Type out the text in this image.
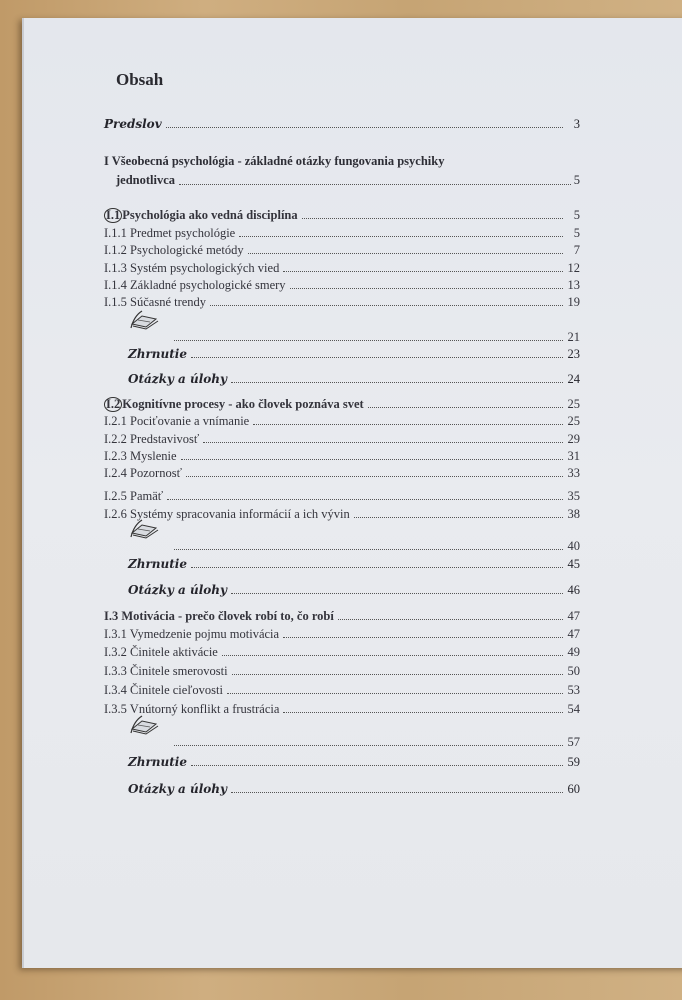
Obsah
Predslov	3
I Všeobecná psychológia - základné otázky fungovania psychiky
jednotlivca	5
I.1 Psychológia ako vedná disciplína	5
I.1.1 Predmet psychológie	5
I.1.2 Psychologické metódy	7
I.1.3 Systém psychologických vied	12
I.1.4 Základné psychologické smery	13
I.1.5 Súčasné trendy	19
21
Zhrnutie	23
Otázky a úlohy	24
I.2 Kognitívne procesy - ako človek poznáva svet	25
I.2.1 Pociťovanie a vnímanie	25
I.2.2 Predstavivosť	29
I.2.3 Myslenie	31
I.2.4 Pozornosť	33
I.2.5 Pamäť	35
I.2.6 Systémy spracovania informácií a ich vývin	38
40
Zhrnutie	45
Otázky a úlohy	46
I.3 Motivácia - prečo človek robí to, čo robí	47
I.3.1 Vymedzenie pojmu motivácia	47
I.3.2 Činitele aktivácie	49
I.3.3 Činitele smerovosti	50
I.3.4 Činitele cieľovosti	53
I.3.5 Vnútorný konflikt a frustrácia	54
57
Zhrnutie	59
Otázky a úlohy	60
